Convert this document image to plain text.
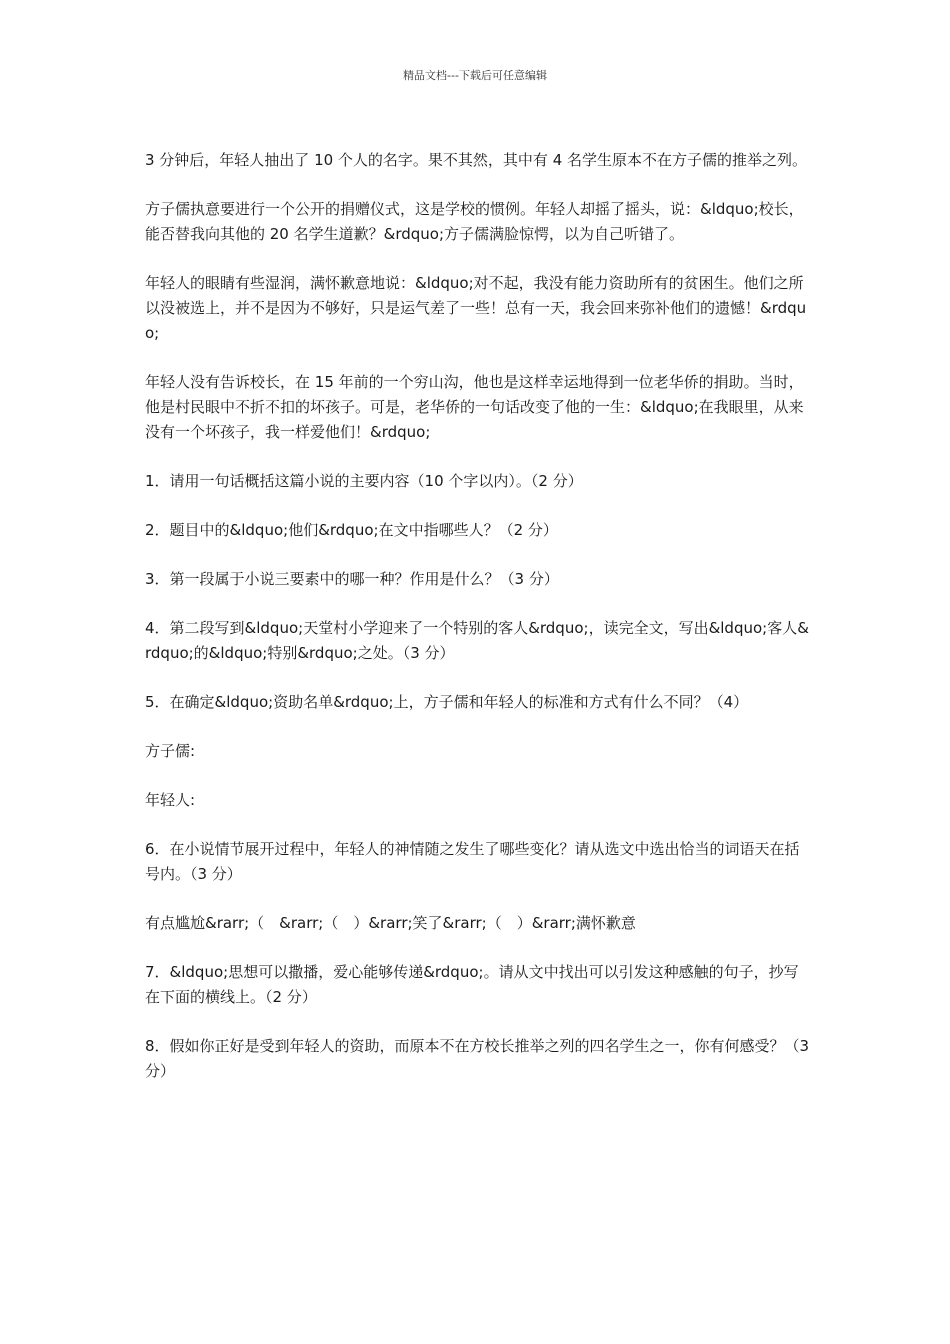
精品文档---下载后可任意编辑

3 分钟后，年轻人抽出了 10 个人的名字。果不其然，其中有 4 名学生原本不在方子儒的推举之列。

方子儒执意要进行一个公开的捐赠仪式，这是学校的惯例。年轻人却摇了摇头，说：&ldquo;校长，能否替我向其他的 20 名学生道歉？&rdquo;方子儒满脸惊愕，以为自己听错了。

年轻人的眼睛有些湿润，满怀歉意地说：&ldquo;对不起，我没有能力资助所有的贫困生。他们之所以没被选上，并不是因为不够好，只是运气差了一些！总有一天，我会回来弥补他们的遗憾！&rdquo;

年轻人没有告诉校长，在 15 年前的一个穷山沟，他也是这样幸运地得到一位老华侨的捐助。当时，他是村民眼中不折不扣的坏孩子。可是，老华侨的一句话改变了他的一生：&ldquo;在我眼里，从来没有一个坏孩子，我一样爱他们！&rdquo;

1．请用一句话概括这篇小说的主要内容（10 个字以内）。（2 分）

2．题目中的&ldquo;他们&rdquo;在文中指哪些人？（2 分）

3．第一段属于小说三要素中的哪一种？作用是什么？（3 分）

4．第二段写到&ldquo;天堂村小学迎来了一个特别的客人&rdquo;，读完全文，写出&ldquo;客人&rdquo;的&ldquo;特别&rdquo;之处。（3 分）

5．在确定&ldquo;资助名单&rdquo;上，方子儒和年轻人的标准和方式有什么不同？（4）

方子儒:

年轻人:

6．在小说情节展开过程中，年轻人的神情随之发生了哪些变化？请从选文中选出恰当的词语天在括号内。（3 分）

有点尴尬&rarr;（　&rarr;（　）&rarr;笑了&rarr;（　）&rarr;满怀歉意

7．&ldquo;思想可以撒播，爱心能够传递&rdquo;。请从文中找出可以引发这种感触的句子，抄写在下面的横线上。（2 分）

8．假如你正好是受到年轻人的资助，而原本不在方校长推举之列的四名学生之一，你有何感受？（3 分）
